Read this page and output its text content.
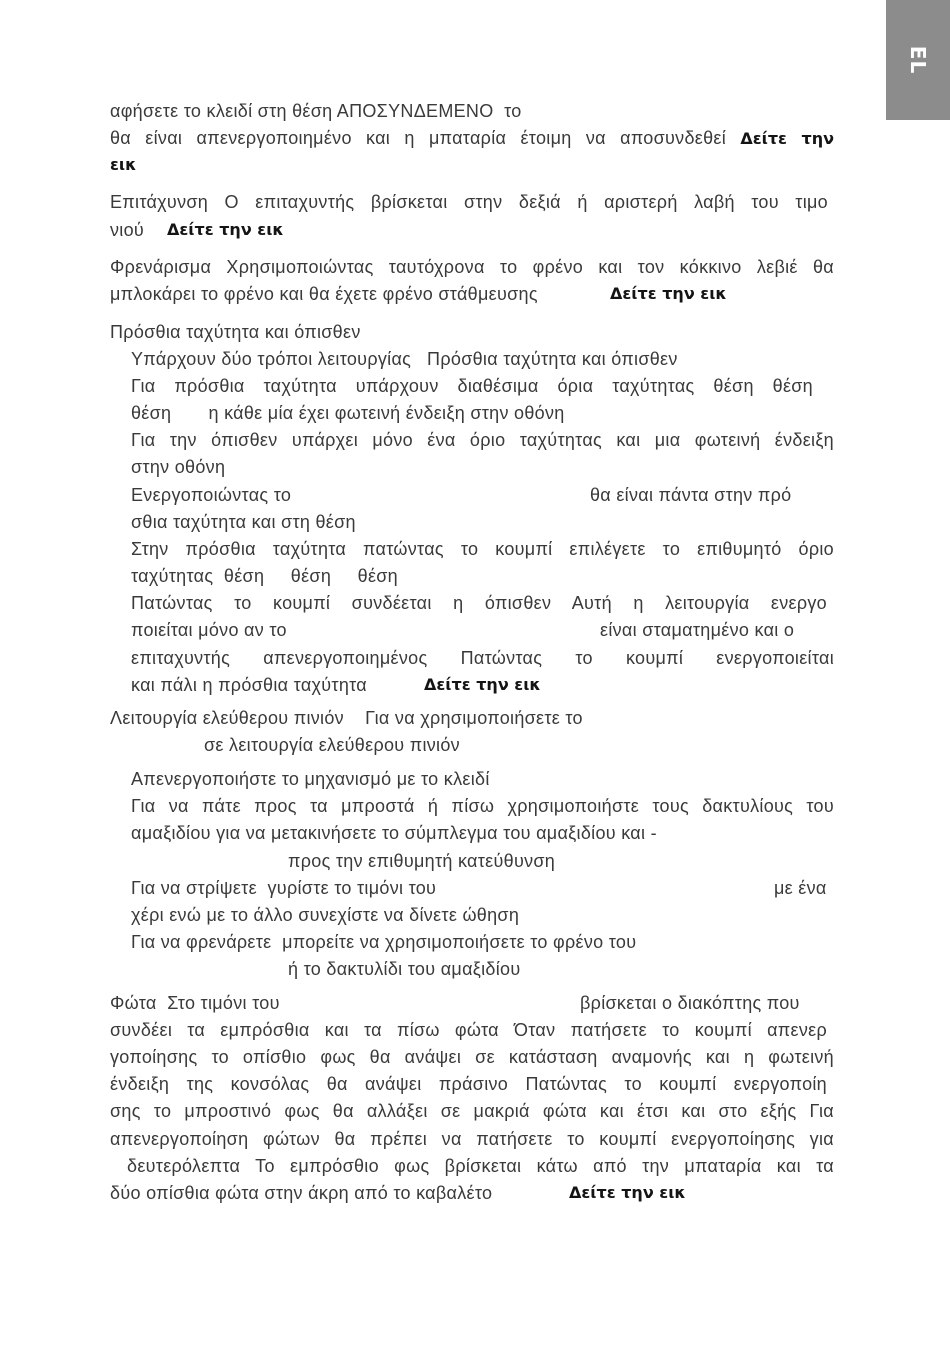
EL
αφήσετε το κλειδί στη θέση ΑΠΟΣΥΝΔΕΜΕΝΟ  το
θα είναι απενεργοποιημένο και η μπαταρία έτοιμη να αποσυνδεθεί Δείτε την
εικ
Επιτάχυνση Ο επιταχυντής βρίσκεται στην δεξιά ή αριστερή λαβή του τιμο
νιού Δείτε την εικ
Φρενάρισμα Χρησιμοποιώντας ταυτόχρονα το φρένο και τον κόκκινο λεβιέ θα
μπλοκάρει το φρένο και θα έχετε φρένο στάθμευσης	Δείτε την εικ
Πρόσθια ταχύτητα και όπισθεν
Υπάρχουν δύο τρόποι λειτουργίας   Πρόσθια ταχύτητα και όπισθεν
Για πρόσθια ταχύτητα υπάρχουν διαθέσιμα όρια ταχύτητας θέση θέση
θέση       η κάθε μία έχει φωτεινή ένδειξη στην οθόνη
Για την όπισθεν υπάρχει μόνο ένα όριο ταχύτητας και μια φωτεινή ένδειξη
στην οθόνη
Ενεργοποιώντας το	θα είναι πάντα στην πρό
σθια ταχύτητα και στη θέση
Στην πρόσθια ταχύτητα πατώντας το κουμπί επιλέγετε το επιθυμητό όριο
ταχύτητας  θέση     θέση     θέση
Πατώντας το κουμπί συνδέεται η όπισθεν Αυτή η λειτουργία ενεργο
ποιείται μόνο αν το	είναι σταματημένο και ο
επιταχυντής απενεργοποιημένος Πατώντας το κουμπί ενεργοποιείται
και πάλι η πρόσθια ταχύτητα	Δείτε την εικ
Λειτουργία ελεύθερου πινιόν    Για να χρησιμοποιήσετε το
σε λειτουργία ελεύθερου πινιόν
Απενεργοποιήστε το μηχανισμό με το κλειδί
Για να πάτε προς τα μπροστά ή πίσω χρησιμοποιήστε τους δακτυλίους του
αμαξιδίου για να μετακινήσετε το σύμπλεγμα του αμαξιδίου και -
προς την επιθυμητή κατεύθυνση
Για να στρίψετε  γυρίστε το τιμόνι του	με ένα
χέρι ενώ με το άλλο συνεχίστε να δίνετε ώθηση
Για να φρενάρετε  μπορείτε να χρησιμοποιήσετε το φρένο του
ή το δακτυλίδι του αμαξιδίου
Φώτα  Στο τιμόνι του	βρίσκεται ο διακόπτης που
συνδέει τα εμπρόσθια και τα πίσω φώτα Όταν πατήσετε το κουμπί απενερ
γοποίησης το οπίσθιο φως θα ανάψει σε κατάσταση αναμονής και η φωτεινή
ένδειξη της κονσόλας θα ανάψει πράσινο Πατώντας το κουμπί ενεργοποίη
σης το μπροστινό φως θα αλλάξει σε μακριά φώτα και έτσι και στο εξής Για
απενεργοποίηση φώτων θα πρέπει να πατήσετε το κουμπί ενεργοποίησης για
δευτερόλεπτα Το εμπρόσθιο φως βρίσκεται κάτω από την μπαταρία και τα
δύο οπίσθια φώτα στην άκρη από το καβαλέτο	Δείτε την εικ
